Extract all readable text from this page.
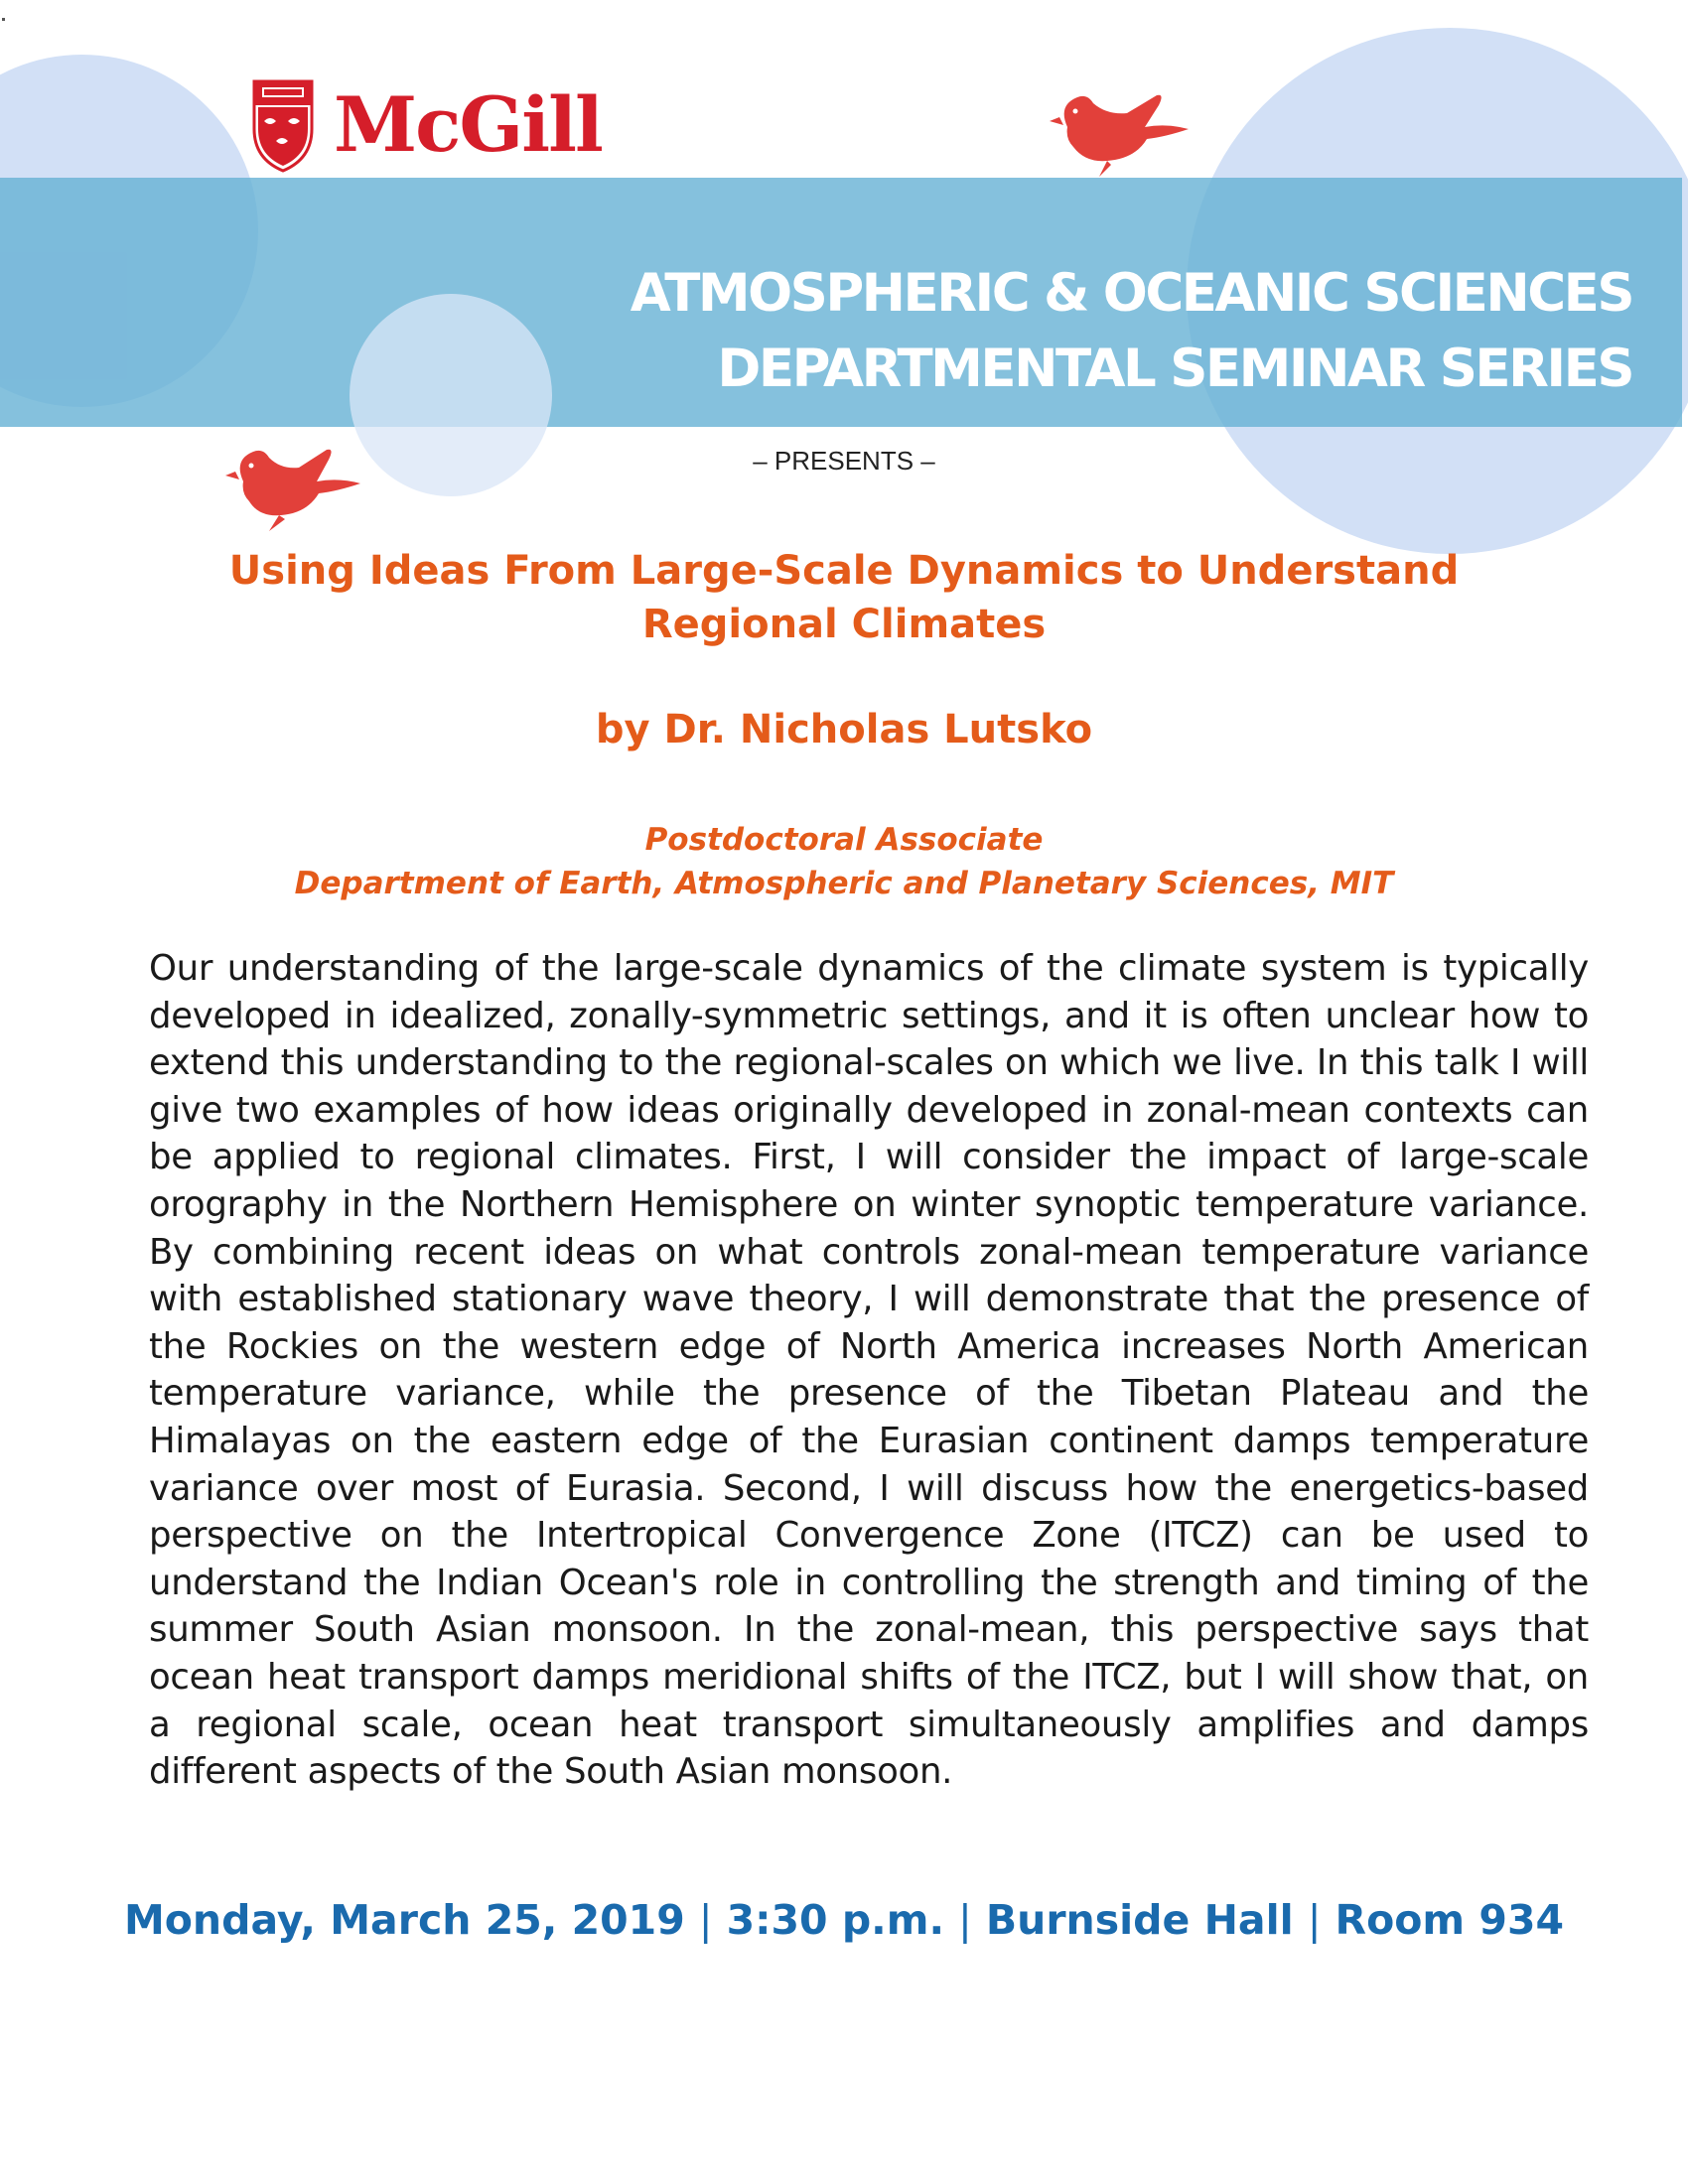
ATMOSPHERIC & OCEANIC SCIENCES
DEPARTMENTAL SEMINAR SERIES
McGill
– PRESENTS –
Using Ideas From Large-Scale Dynamics to Understand Regional Climates
by Dr. Nicholas Lutsko
Postdoctoral Associate
Department of Earth, Atmospheric and Planetary Sciences, MIT
Our understanding of the large-scale dynamics of the climate system is typically developed in idealized, zonally-symmetric settings, and it is often unclear how to extend this understanding to the regional-scales on which we live. In this talk I will give two examples of how ideas originally developed in zonal-mean contexts can be applied to regional climates. First, I will consider the impact of large-scale orography in the Northern Hemisphere on winter synoptic temperature variance. By combining recent ideas on what controls zonal-mean temperature variance with established stationary wave theory, I will demonstrate that the presence of the Rockies on the western edge of North America increases North American temperature variance, while the presence of the Tibetan Plateau and the Himalayas on the eastern edge of the Eurasian continent damps temperature variance over most of Eurasia. Second, I will discuss how the energetics-based perspective on the Intertropical Convergence Zone (ITCZ) can be used to understand the Indian Ocean's role in controlling the strength and timing of the summer South Asian monsoon. In the zonal-mean, this perspective says that ocean heat transport damps meridional shifts of the ITCZ, but I will show that, on a regional scale, ocean heat transport simultaneously amplifies and damps different aspects of the South Asian monsoon.
Monday, March 25, 2019 | 3:30 p.m. | Burnside Hall | Room 934
